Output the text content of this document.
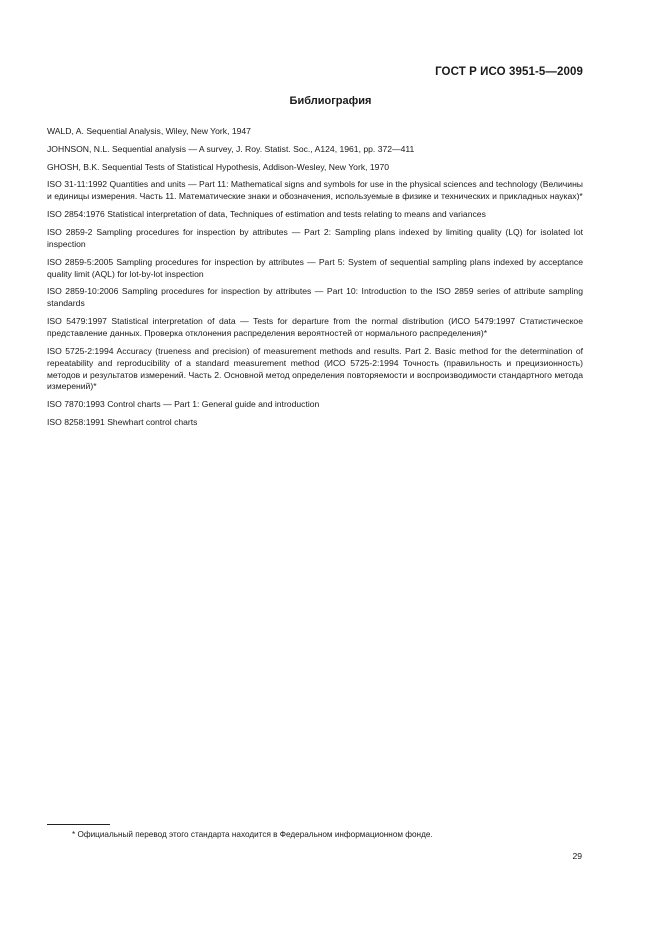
ГОСТ Р ИСО 3951-5—2009
Библиография
WALD, A. Sequential Analysis, Wiley, New York, 1947
JOHNSON, N.L. Sequential analysis — A survey, J. Roy. Statist. Soc., A124, 1961, pp. 372—411
GHOSH, B.K. Sequential Tests of Statistical Hypothesis, Addison-Wesley, New York, 1970
ISO 31-11:1992 Quantities and units — Part 11: Mathematical signs and symbols for use in the physical sciences and technology (Величины и единицы измерения. Часть 11. Математические знаки и обозначения, используемые в физике и технических и прикладных науках)*
ISO 2854:1976 Statistical interpretation of data, Techniques of estimation and tests relating to means and variances
ISO 2859-2 Sampling procedures for inspection by attributes — Part 2: Sampling plans indexed by limiting quality (LQ) for isolated lot inspection
ISO 2859-5:2005 Sampling procedures for inspection by attributes — Part 5: System of sequential sampling plans indexed by acceptance quality limit (AQL) for lot-by-lot inspection
ISO 2859-10:2006 Sampling procedures for inspection by attributes — Part 10: Introduction to the ISO 2859 series of attribute sampling standards
ISO 5479:1997 Statistical interpretation of data — Tests for departure from the normal distribution (ИСО 5479:1997 Статистическое представление данных. Проверка отклонения распределения вероятностей от нормального распределения)*
ISO 5725-2:1994 Accuracy (trueness and precision) of measurement methods and results. Part 2. Basic method for the determination of repeatability and reproducibility of a standard measurement method (ИСО 5725-2:1994 Точность (правильность и прецизионность) методов и результатов измерений. Часть 2. Основной метод определения повторяемости и воспроизводимости стандартного метода измерений)*
ISO 7870:1993 Control charts — Part 1: General guide and introduction
ISO 8258:1991 Shewhart control charts
* Официальный перевод этого стандарта находится в Федеральном информационном фонде.
29
